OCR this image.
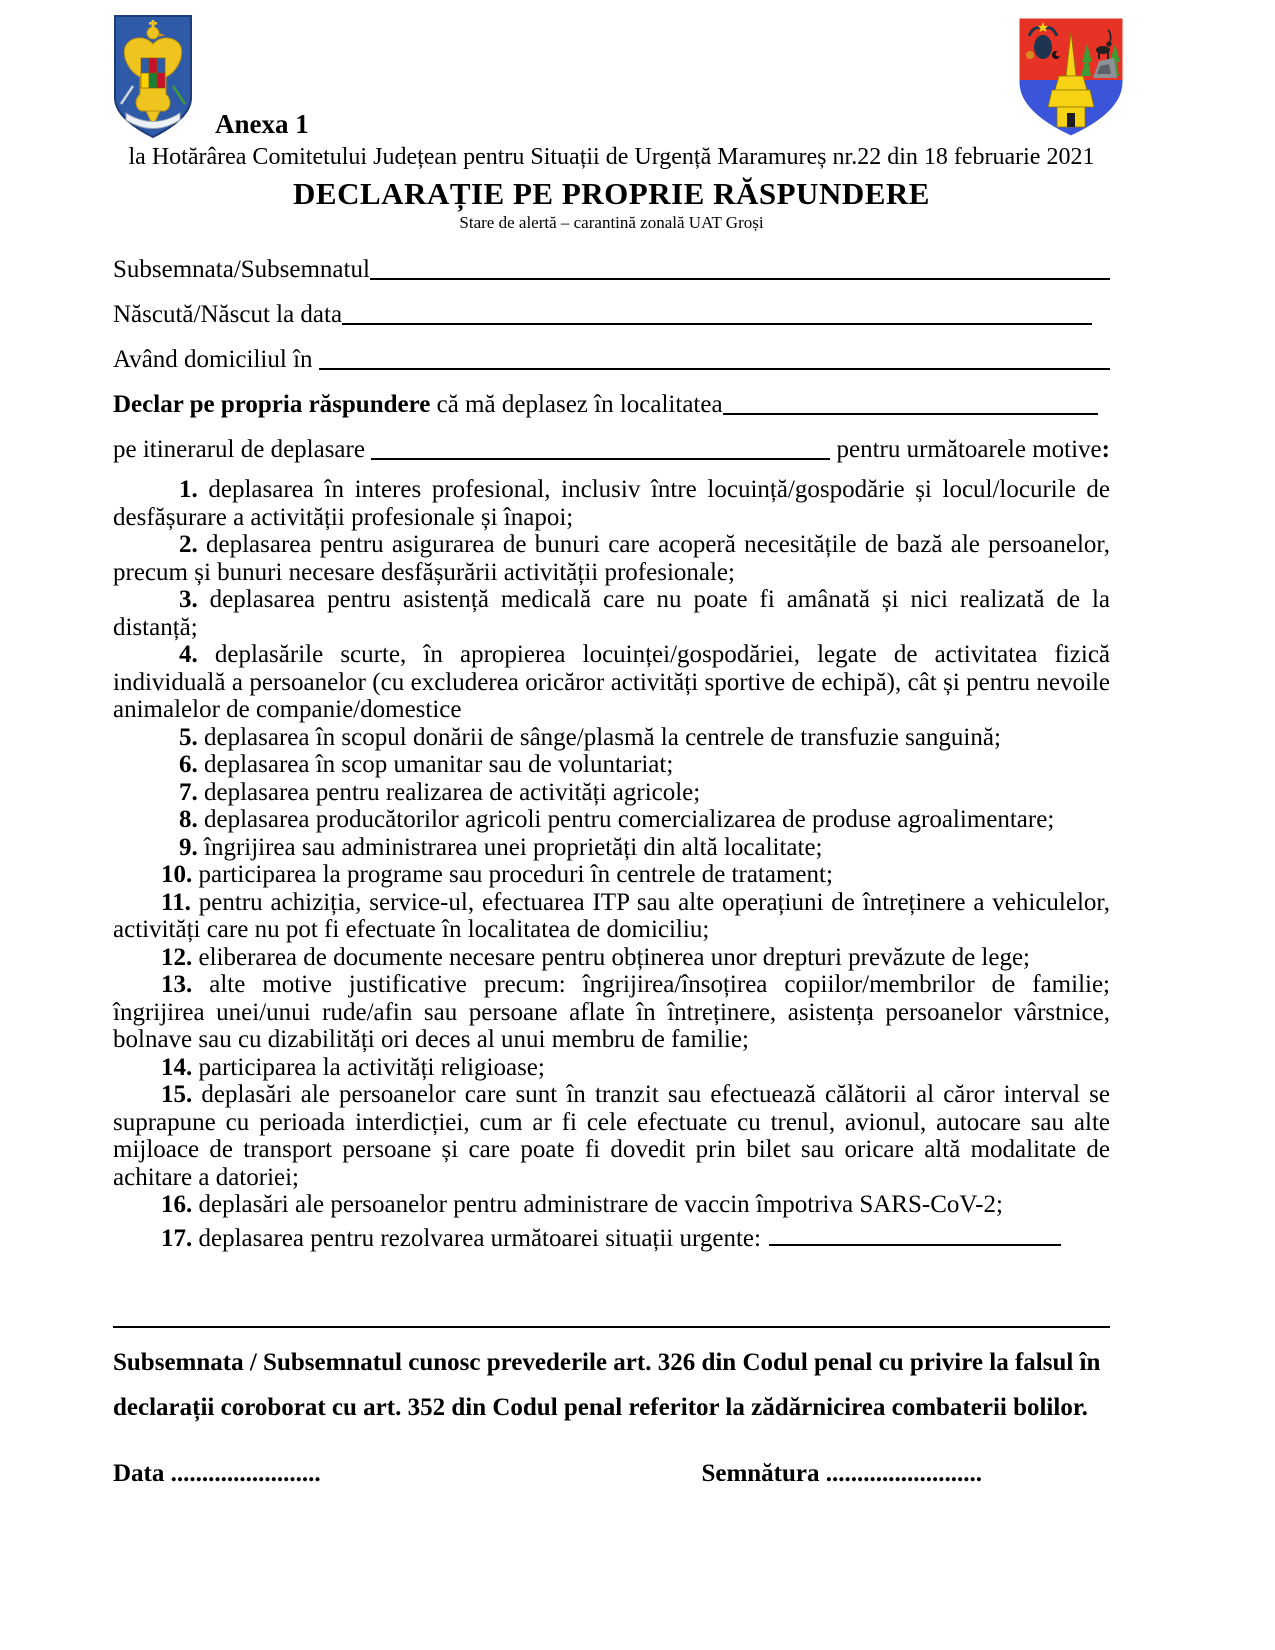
Anexa 1
la Hotărârea Comitetului Județean pentru Situații de Urgență Maramureș nr.22 din 18 februarie 2021
DECLARAȚIE PE PROPRIE RĂSPUNDERE
Stare de alertă – carantină zonală UAT Groși
Subsemnata/Subsemnatul
Născută/Născut la data
Având domiciliul în
Declar pe propria răspundere că mă deplasez în localitatea
pe itinerarul de deplasare	pentru următoarele motive :

1. deplasarea în interes profesional, inclusiv între locuință/gospodărie și locul/locurile de desfășurare a activității profesionale și înapoi;

2. deplasarea pentru asigurarea de bunuri care acoperă necesitățile de bază ale persoanelor, precum și bunuri necesare desfășurării activității profesionale;

3. deplasarea pentru asistență medicală care nu poate fi amânată și nici realizată de la distanță;

4. deplasările scurte, în apropierea locuinței/gospodăriei, legate de activitatea fizică individuală a persoanelor (cu excluderea oricăror activități sportive de echipă), cât și pentru nevoile animalelor de companie/domestice

5. deplasarea în scopul donării de sânge/plasmă la centrele de transfuzie sanguină;

6. deplasarea în scop umanitar sau de voluntariat;

7. deplasarea pentru realizarea de activități agricole;

8. deplasarea producătorilor agricoli pentru comercializarea de produse agroalimentare;

9. îngrijirea sau administrarea unei proprietăți din altă localitate;

10. participarea la programe sau proceduri în centrele de tratament;

11. pentru achiziția, service-ul, efectuarea ITP sau alte operațiuni de întreținere a vehiculelor, activități care nu pot fi efectuate în localitatea de domiciliu;

12. eliberarea de documente necesare pentru obținerea unor drepturi prevăzute de lege;

13. alte motive justificative precum: îngrijirea/însoțirea copiilor/membrilor de familie; îngrijirea unei/unui rude/afin sau persoane aflate în întreținere, asistența persoanelor vârstnice, bolnave sau cu dizabilități ori deces al unui membru de familie;

14. participarea la activități religioase;

15. deplasări ale persoanelor care sunt în tranzit sau efectuează călătorii al căror interval se suprapune cu perioada interdicției, cum ar fi cele efectuate cu trenul, avionul, autocare sau alte mijloace de transport persoane și care poate fi dovedit prin bilet sau oricare altă modalitate de achitare a datoriei;

16. deplasări ale persoanelor pentru administrare de vaccin împotriva SARS-CoV-2;

17. deplasarea pentru rezolvarea următoarei situații urgente:

Subsemnata / Subsemnatul cunosc prevederile art. 326 din Codul penal cu privire la falsul în
declarații coroborat cu art. 352 din Codul penal referitor la zădărnicirea combaterii bolilor.
Data ........................	Semnătura .........................
